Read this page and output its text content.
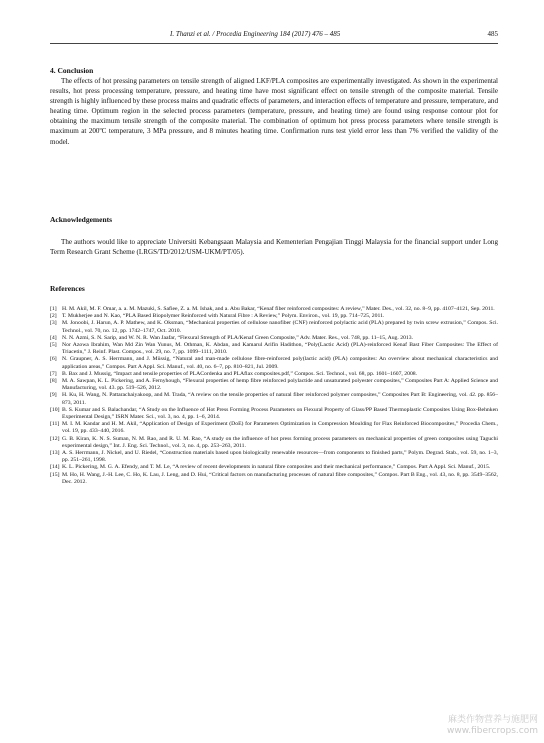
I. Thanzi et al. / Procedia Engineering 184 (2017) 476 – 485	485
4. Conclusion

The effects of hot pressing parameters on tensile strength of aligned LKF/PLA composites are experimentally investigated. As shown in the experimental results, hot press processing temperature, pressure, and heating time have most significant effect on tensile strength of the composite material. Tensile strength is highly influenced by these process mains and quadratic effects of parameters, and interaction effects of temperature and pressure, temperature, and heating time. Optimum region in the selected process parameters (temperature, pressure, and heating time) are found using response contour plot for obtaining the maximum tensile strength of the composite material. The combination of optimum hot press process parameters where tensile strength is maximum at 200ºC temperature, 3 MPa pressure, and 8 minutes heating time. Confirmation runs test yield error less than 7% verified the validity of the model.

Acknowledgements

The authors would like to appreciate Universiti Kebangsaan Malaysia and Kementerian Pengajian Tinggi Malaysia for the financial support under Long Term Research Grant Scheme (LRGS/TD/2012/USM-UKM/PT/05).

References
[1] H. M. Akil, M. F. Omar, a. a. M. Mazuki, S. Safiee, Z. a. M. Ishak, and a. Abu Bakar, “Kenaf fiber reinforced composites: A review,” Mater. Des., vol. 32, no. 8–9, pp. 4107–4121, Sep. 2011.
[2] T. Mukherjee and N. Kao, “PLA Based Biopolymer Reinforced with Natural Fibre : A Review,” Polym. Environ., vol. 19, pp. 714–725, 2011.
[3] M. Jonoobi, J. Harun, A. P. Mathew, and K. Oksman, “Mechanical properties of cellulose nanofiber (CNF) reinforced polylactic acid (PLA) prepared by twin screw extrusion,” Compos. Sci. Technol., vol. 70, no. 12, pp. 1742–1747, Oct. 2010.
[4] N. N. Azmi, S. N. Sarip, and W. N. R. Wan Jaafar, “Flexural Strength of PLA/Kenaf Green Composite,” Adv. Mater. Res., vol. 748, pp. 11–15, Aug. 2013.
[5] Nor Azowa Ibrahim, Wan Md Zin Wan Yunus, M. Othman, K. Abdan, and Kamarul Arifin Hadithon, “Poly(Lactic Acid) (PLA)-reinforced Kenaf Bast Fiber Composites: The Effect of Triacetin,” J. Reinf. Plast. Compos., vol. 29, no. 7, pp. 1099–1111, 2010.
[6] N. Graupner, A. S. Herrmann, and J. Müssig, “Natural and man-made cellulose fibre-reinforced poly(lactic acid) (PLA) composites: An overview about mechanical characteristics and application areas,” Compos. Part A Appl. Sci. Manuf., vol. 40, no. 6–7, pp. 810–821, Jul. 2009.
[7] B. Bax and J. Mussig, “Impact and tensile properties of PLACordenka and PLAflax composites.pdf,” Compos. Sci. Technol., vol. 68, pp. 1601–1607, 2008.
[8] M. A. Sawpan, K. L. Pickering, and A. Fernyhough, “Flexural properties of hemp fibre reinforced polylactide and unsaturated polyester composites,” Composites Part A: Applied Science and Manufacturing, vol. 43. pp. 519–526, 2012.
[9] H. Ku, H. Wang, N. Pattarachaiyakoop, and M. Trada, “A review on the tensile properties of natural fiber reinforced polymer composites,” Composites Part B: Engineering, vol. 42. pp. 856–873, 2011.
[10] B. S. Kumar and S. Balachandar, “A Study on the Influence of Hot Press Forming Process Parameters on Flexural Property of Glass/PP Based Thermoplastic Composites Using Box-Behnken Experimental Design,” ISRN Mater. Sci., vol. 3, no. 4, pp. 1–6, 2014.
[11] M. I. M. Kandar and H. M. Akil, “Application of Design of Experiment (DoE) for Parameters Optimization in Compression Moulding for Flax Reinforced Biocomposites,” Procedia Chem., vol. 19, pp. 433–440, 2016.
[12] G. B. Kiran, K. N. S. Suman, N. M. Rao, and R. U. M. Rao, “A study on the influence of hot press forming process parameters on mechanical properties of green composites using Taguchi experimental design,” Int. J. Eng. Sci. Technol., vol. 3, no. 4, pp. 253–263, 2011.
[13] A. S. Herrmann, J. Nickel, and U. Riedel, “Construction materials based upon biologically renewable resources—from components to finished parts,” Polym. Degrad. Stab., vol. 59, no. 1–3, pp. 251–261, 1998.
[14] K. L. Pickering, M. G. A. Efendy, and T. M. Le, “A review of recent developments in natural fibre composites and their mechanical performance,” Compos. Part A Appl. Sci. Manuf., 2015.
[15] M. Ho, H. Wang, J.-H. Lee, C. Ho, K. Lau, J. Leng, and D. Hui, “Critical factors on manufacturing processes of natural fibre composites,” Compos. Part B Eng., vol. 43, no. 8, pp. 3549–3562, Dec. 2012.
麻类作物营养与施肥网
www.fibercrops.com
